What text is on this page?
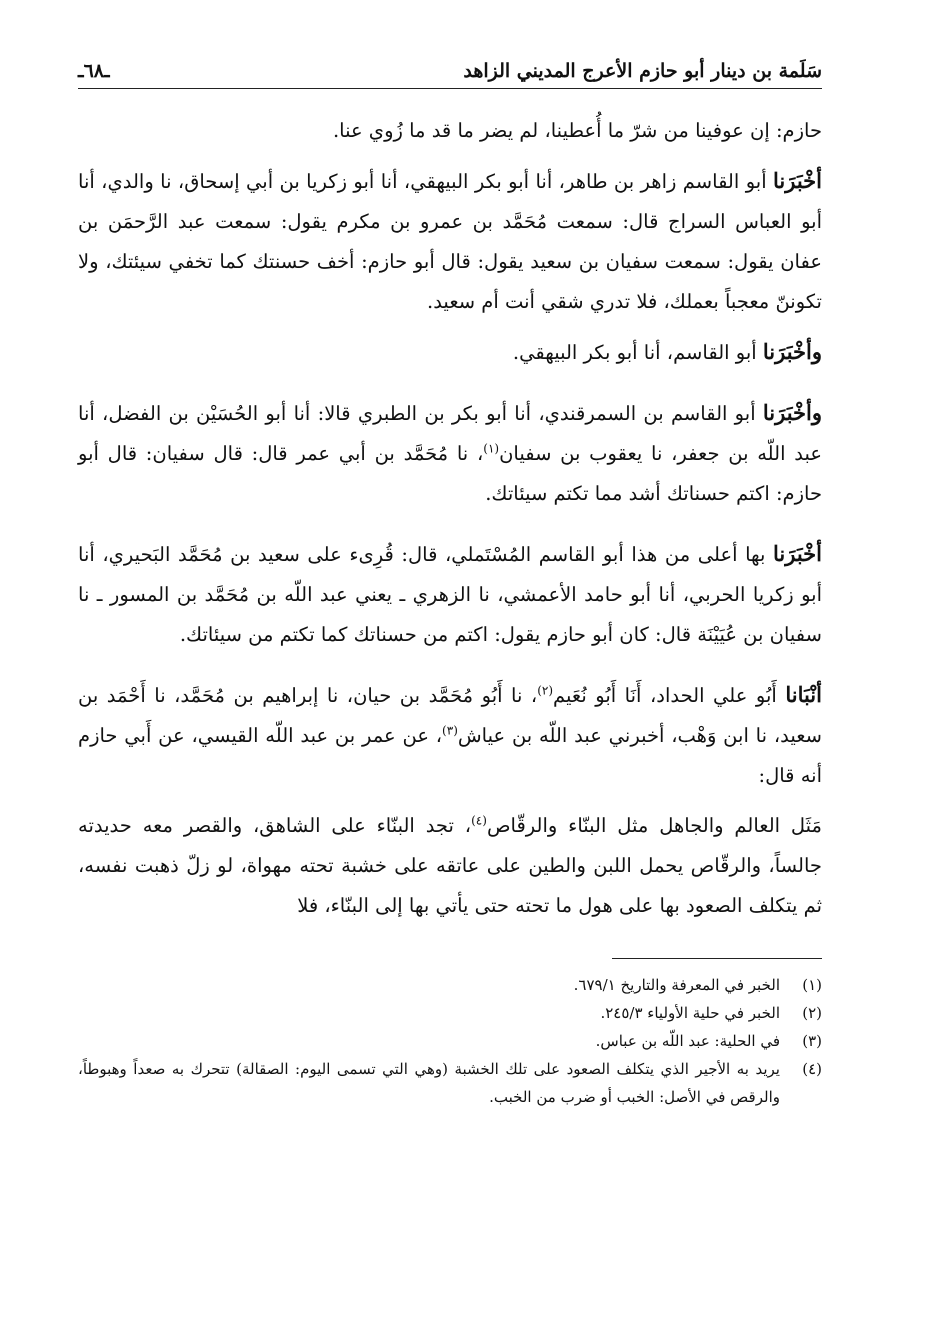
سَلَمة بن دينار أبو حازم الأعرج المديني الزاهد
ـ٦٨ـ

حازم: إن عوفينا من شرّ ما أُعطينا، لم يضر ما قد ما زُوي عنا.

أخْبَرَنا أبو القاسم زاهر بن طاهر، أنا أبو بكر البيهقي، أنا أبو زكريا بن أبي إسحاق، نا والدي، أنا أبو العباس السراج قال: سمعت مُحَمَّد بن عمرو بن مكرم يقول: سمعت عبد الرَّحمَن بن عفان يقول: سمعت سفيان بن سعيد يقول: قال أبو حازم: أخف حسنتك كما تخفي سيئتك، ولا تكوننّ معجباً بعملك، فلا تدري شقي أنت أم سعيد.

وأخْبَرَنا أبو القاسم، أنا أبو بكر البيهقي.

وأخْبَرَنا أبو القاسم بن السمرقندي، أنا أبو بكر بن الطبري قالا: أنا أبو الحُسَيْن بن الفضل، أنا عبد اللّه بن جعفر، نا يعقوب بن سفيان$^{(١)}$، نا مُحَمَّد بن أبي عمر قال: قال سفيان: قال أبو حازم: اكتم حسناتك أشد مما تكتم سيئاتك.

أخْبَرَنا بها أعلى من هذا أبو القاسم المُسْتَملي، قال: قُرِىء على سعيد بن مُحَمَّد البَحيري، أنا أبو زكريا الحربي، أنا أبو حامد الأعمشي، نا الزهري ـ يعني عبد اللّه بن مُحَمَّد بن المسور ـ نا سفيان بن عُيَيْنَة قال: كان أبو حازم يقول: اكتم من حسناتك كما تكتم من سيئاتك.

أنْبَانا أَبُو علي الحداد، أَنَا أَبُو نُعَيم$^{(٢)}$، نا أَبُو مُحَمَّد بن حيان، نا إبراهيم بن مُحَمَّد، نا أَحْمَد بن سعيد، نا ابن وَهْب، أخبرني عبد اللّه بن عياش$^{(٣)}$، عن عمر بن عبد اللّه القيسي، عن أَبي حازم أنه قال:

مَثَل العالم والجاهل مثل البنّاء والرقّاص$^{(٤)}$، تجد البنّاء على الشاهق، والقصر معه حديدته جالساً، والرقّاص يحمل اللبن والطين على عاتقه على خشبة تحته مهواة، لو زلّ ذهبت نفسه، ثم يتكلف الصعود بها على هول ما تحته حتى يأتي بها إلى البنّاء، فلا

(١)
الخبر في المعرفة والتاريخ ٦٧٩/١.
(٢)
الخبر في حلية الأولياء ٢٤٥/٣.
(٣)
في الحلية: عبد اللّه بن عباس.
(٤)
يريد به الأجير الذي يتكلف الصعود على تلك الخشبة (وهي التي تسمى اليوم: الصقالة) تتحرك به صعداً وهبوطاً، والرقص في الأصل: الخبب أو ضرب من الخبب.
